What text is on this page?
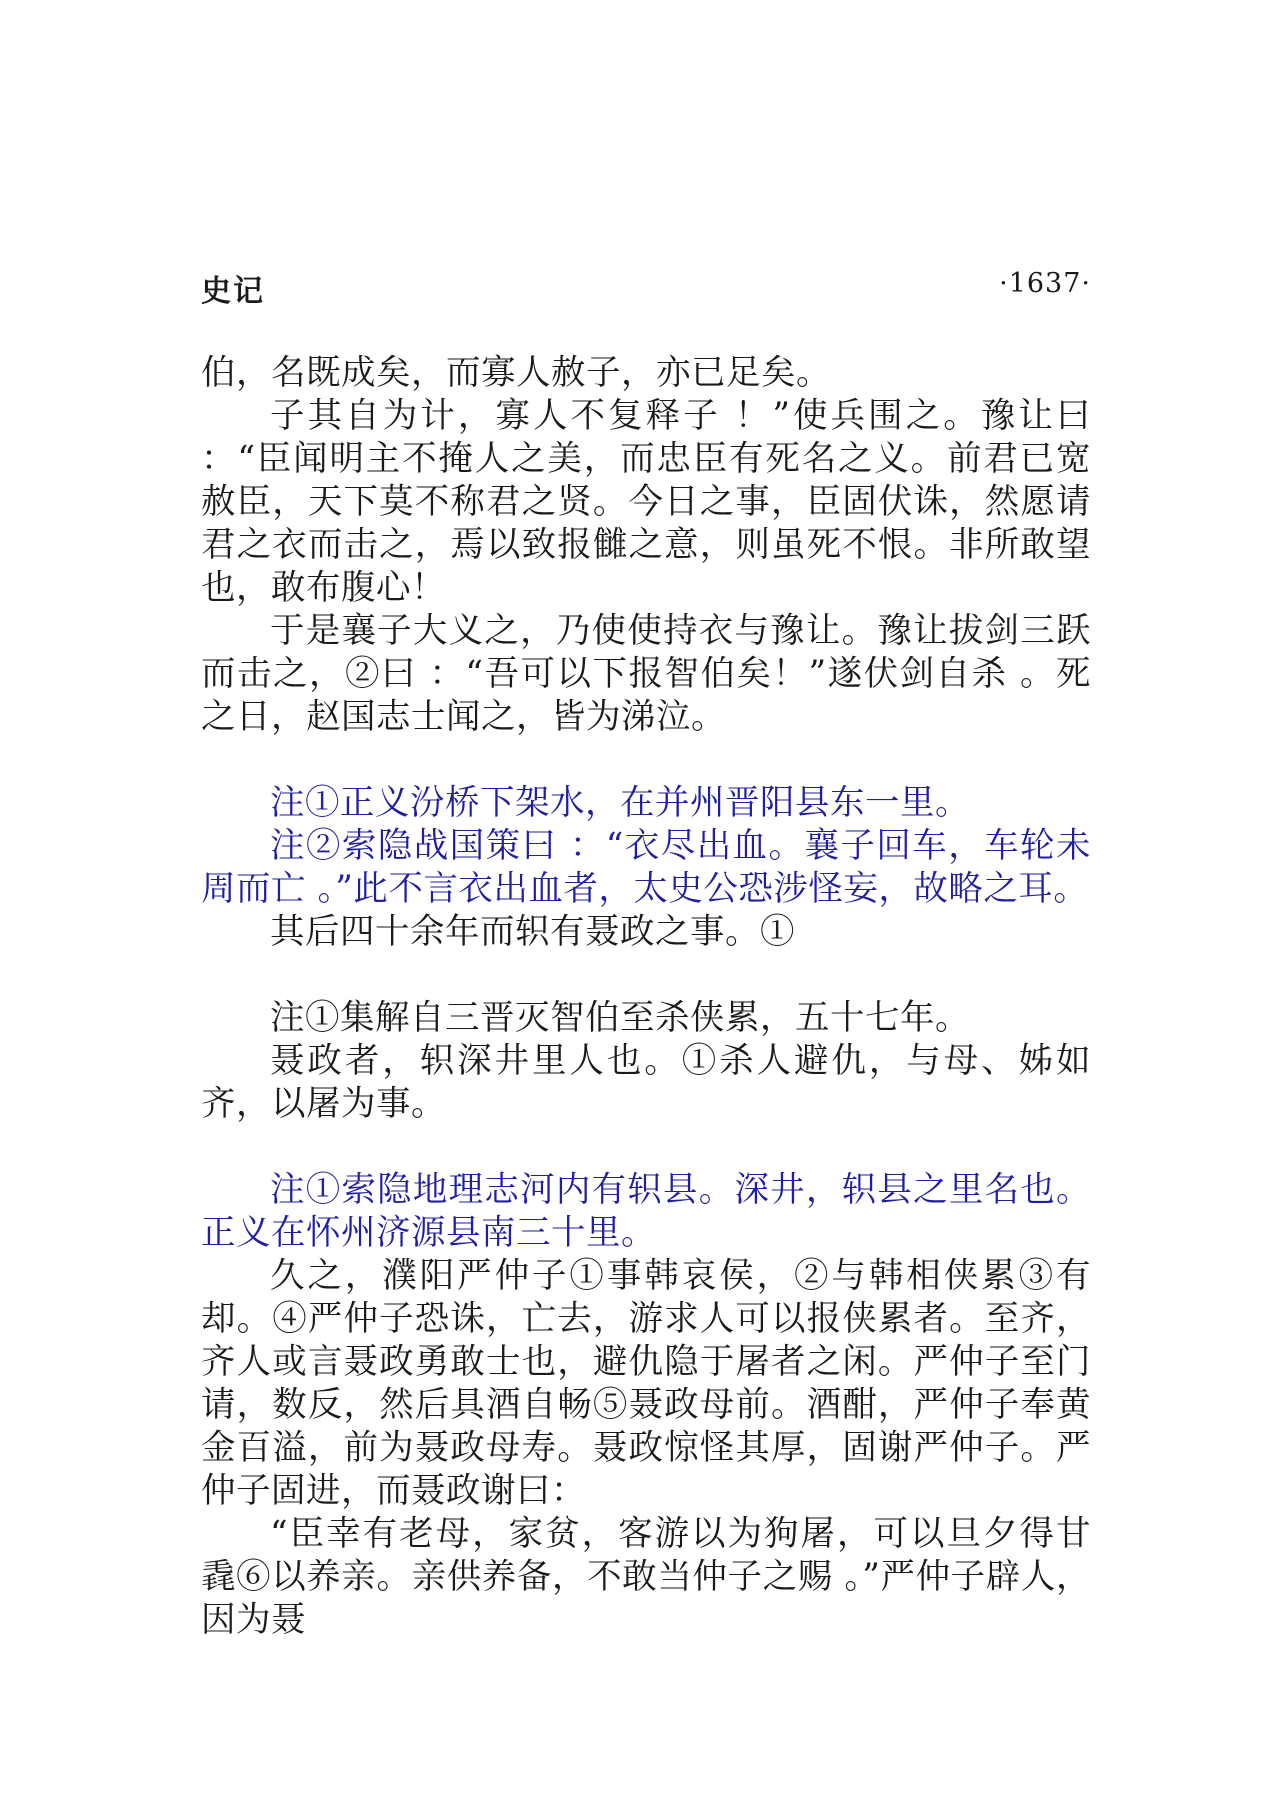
史记	·1637·

伯，名既成矣，而寡人赦子，亦已足矣。

子其自为计，寡人不复释子 ！”使兵围之。豫让曰 ：“臣闻明主不掩人之美，而忠臣有死名之义。前君已宽赦臣，天下莫不称君之贤。今日之事，臣固伏诛，然愿请君之衣而击之，焉以致报雠之意，则虽死不恨。非所敢望也，敢布腹心！

于是襄子大义之，乃使使持衣与豫让。豫让拔剑三跃而击之，②曰 ：“吾可以下报智伯矣！”遂伏剑自杀 。死之日，赵国志士闻之，皆为涕泣。

注①正义汾桥下架水，在并州晋阳县东一里。

注②索隐战国策曰 ：“衣尽出血。襄子回车，车轮未周而亡 。”此不言衣出血者，太史公恐涉怪妄，故略之耳。

其后四十余年而轵有聂政之事。①

注①集解自三晋灭智伯至杀侠累，五十七年。

聂政者，轵深井里人也。①杀人避仇，与母、姊如齐，以屠为事。

注①索隐地理志河内有轵县。深井，轵县之里名也。正义在怀州济源县南三十里。

久之，濮阳严仲子①事韩哀侯，②与韩相侠累③有却。④严仲子恐诛，亡去，游求人可以报侠累者。至齐，齐人或言聂政勇敢士也，避仇隐于屠者之闲。严仲子至门请，数反，然后具酒自畅⑤聂政母前。酒酣，严仲子奉黄金百溢，前为聂政母寿。聂政惊怪其厚，固谢严仲子。严仲子固进，而聂政谢曰：

“臣幸有老母，家贫，客游以为狗屠，可以旦夕得甘毳⑥以养亲。亲供养备，不敢当仲子之赐 。”严仲子辟人，因为聂
